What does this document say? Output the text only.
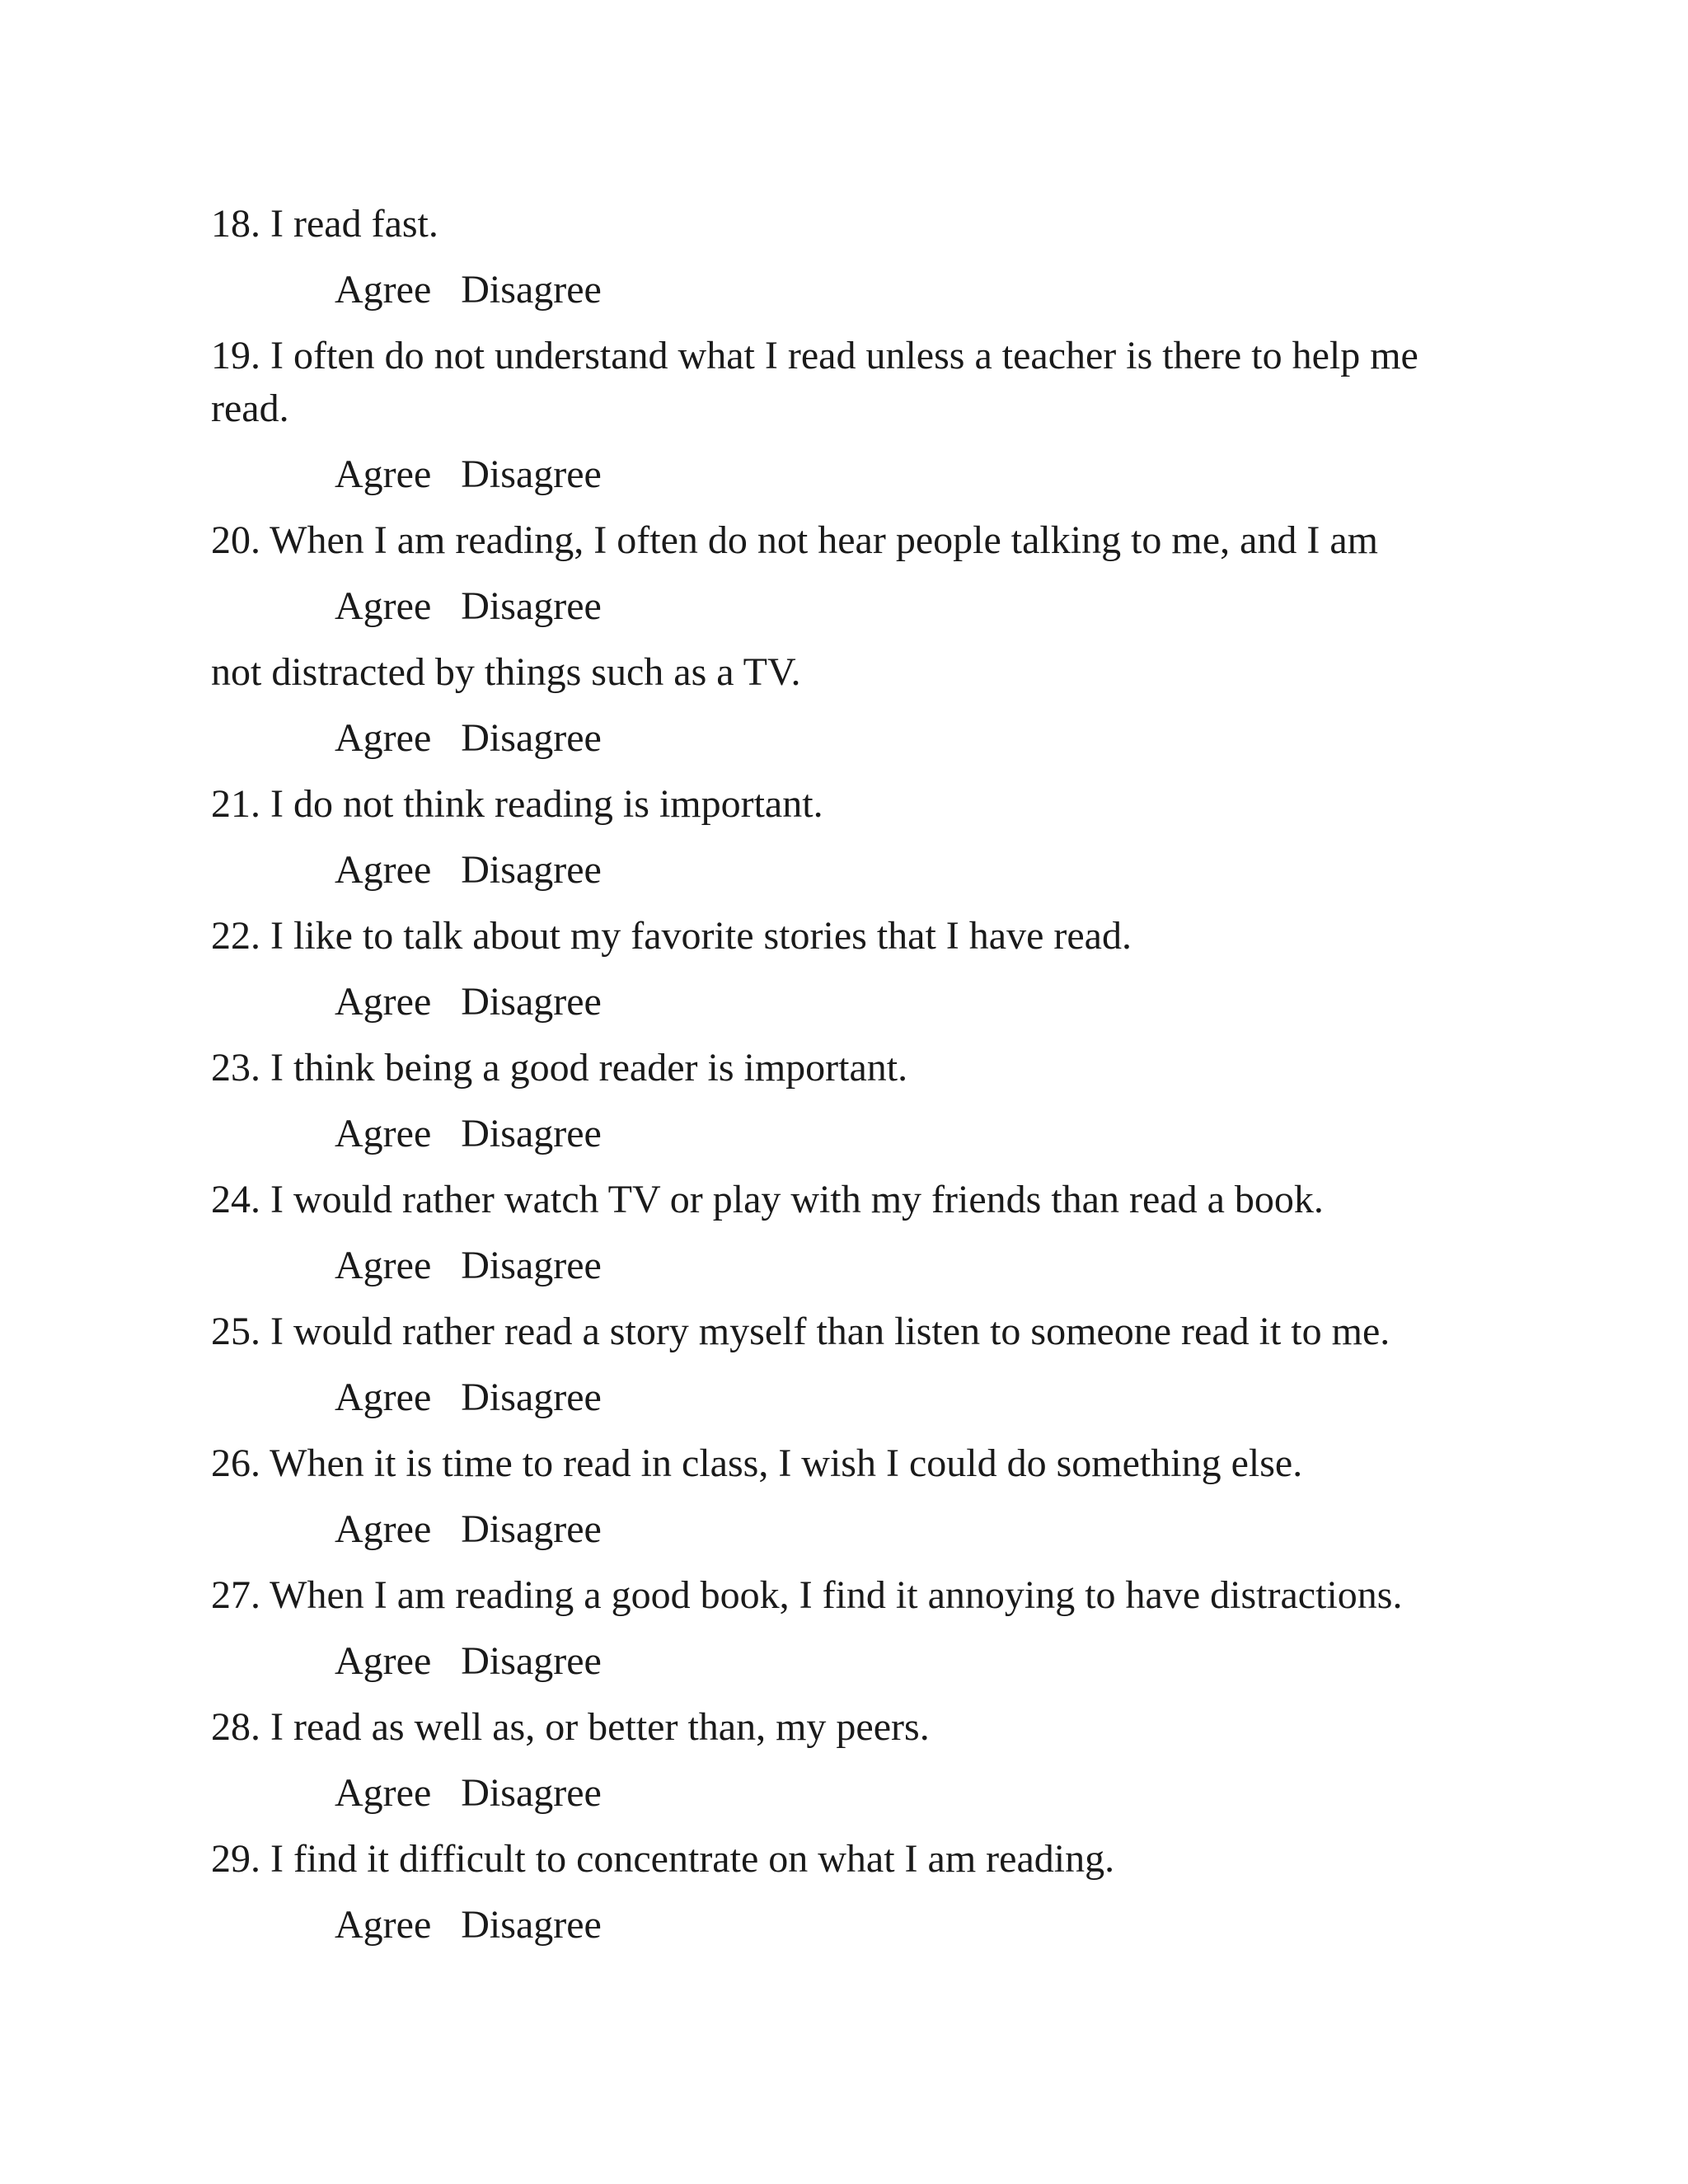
18. I read fast.
Agree Disagree
19. I often do not understand what I read unless a teacher is there to help me
read.
Agree Disagree
20. When I am reading, I often do not hear people talking to me, and I am
Agree Disagree
not distracted by things such as a TV.
Agree Disagree
21. I do not think reading is important.
Agree Disagree
22. I like to talk about my favorite stories that I have read.
Agree Disagree
23. I think being a good reader is important.
Agree Disagree
24. I would rather watch TV or play with my friends than read a book.
Agree Disagree
25. I would rather read a story myself than listen to someone read it to me.
Agree Disagree
26. When it is time to read in class, I wish I could do something else.
Agree Disagree
27. When I am reading a good book, I find it annoying to have distractions.
Agree Disagree
28. I read as well as, or better than, my peers.
Agree Disagree
29. I find it difficult to concentrate on what I am reading.
Agree Disagree
